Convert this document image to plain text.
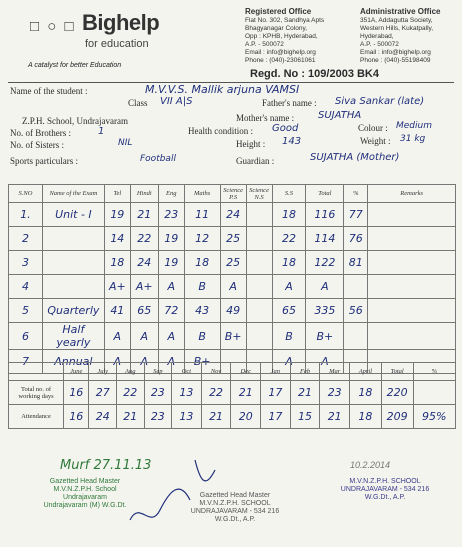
□ ○ □ Bighelp
for education
A catalyst for better Education
Registered Office
Flat No. 302, Sandhya Apts
Bhagyanagar Colony,
Opp : KPHB, Hyderabad,
A.P. - 500072
Email : info@bighelp.org
Phone : (040)-23061061
Administrative Office
351A, Addagutta Society,
Western Hills, Kukatpally,
Hyderabad,
A.P. - 500072
Email : info@bighelp.org
Phone : (040)-55198409
Regd. No : 109/2003 BK4
Name of the student :	M.V.V.S. Mallik arjuna VAMSI
Class VII A|S	Father's name : Siva Sankar (late)
Z.P.H. School, Undrajavaram	Mother's name : SUJATHA
Colour : Medium
No. of Brothers :	1	Health condition : Good
Weight : 31 kg
No. of Sisters :	NIL	Height : 143
Sports particulars :	Football	Guardian :	SUJATHA (Mother)
S.NO	Name of the Exam	Tel	Hindi	Eng	Maths	Science P.S	Science N.S	S.S	Total	%	Remarks
1.	Unit - I	19	21	23	11	24		18	116	77	
2		14	22	19	12	25		22	114	76	
3		18	24	19	18	25		18	122	81	
4		A+	A+	A	B	A		A	A		
5	Quarterly	41	65	72	43	49		65	335	56	
6	Half yearly	A	A	A	B	B+		B	B+		
7	Annual	A	A	A	B+			A	A		
	June	July	Aug	Sep	Oct	Nov	Dec	Jan	Feb	Mar	April	Total	%
Total no. of working days	16	27	22	23	13	22	21	17	21	23	18	220	
Attendance	16	24	21	23	13	21	20	17	15	21	18	209	95%
Gazetted Head Master
M.V.N.Z.P.H. School
Undrajavaram
Undrajavaram (M) W.G.Dt.
Murf 27.11.13
Gazetted Head Master
M.V.N.Z.P.H. SCHOOL
UNDRAJAVARAM - 534 216
W.G.Dt., A.P.
M.V.N.Z.P.H. SCHOOL
UNDRAJAVARAM - 534 216
W.G.Dt., A.P.
10.2.2014
